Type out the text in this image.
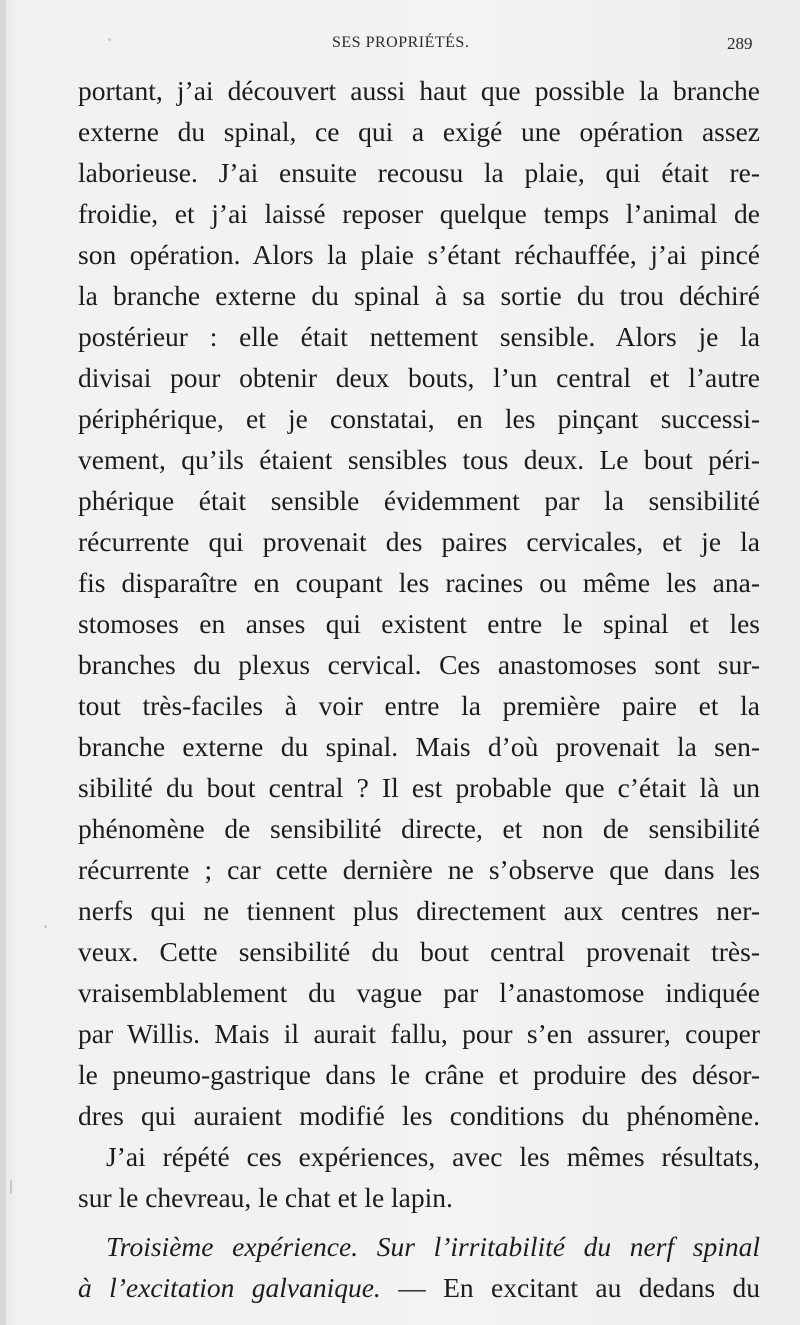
SES PROPRIÉTÉS.	289
portant, j’ai découvert aussi haut que possible la branche
externe du spinal, ce qui a exigé une opération assez
laborieuse. J’ai ensuite recousu la plaie, qui était re-
froidie, et j’ai laissé reposer quelque temps l’animal de
son opération. Alors la plaie s’étant réchauffée, j’ai pincé
la branche externe du spinal à sa sortie du trou déchiré
postérieur : elle était nettement sensible. Alors je la
divisai pour obtenir deux bouts, l’un central et l’autre
périphérique, et je constatai, en les pinçant successi-
vement, qu’ils étaient sensibles tous deux. Le bout péri-
phérique était sensible évidemment par la sensibilité
récurrente qui provenait des paires cervicales, et je la
fis disparaître en coupant les racines ou même les ana-
stomoses en anses qui existent entre le spinal et les
branches du plexus cervical. Ces anastomoses sont sur-
tout très-faciles à voir entre la première paire et la
branche externe du spinal. Mais d’où provenait la sen-
sibilité du bout central ? Il est probable que c’était là un
phénomène de sensibilité directe, et non de sensibilité
récurrente ; car cette dernière ne s’observe que dans les
nerfs qui ne tiennent plus directement aux centres ner-
veux. Cette sensibilité du bout central provenait très-
vraisemblablement du vague par l’anastomose indiquée
par Willis. Mais il aurait fallu, pour s’en assurer, couper
le pneumo-gastrique dans le crâne et produire des désor-
dres qui auraient modifié les conditions du phénomène.
J’ai répété ces expériences, avec les mêmes résultats,
sur le chevreau, le chat et le lapin.
Troisième expérience. Sur l’irritabilité du nerf spinal
à l’excitation galvanique. — En excitant au dedans du
